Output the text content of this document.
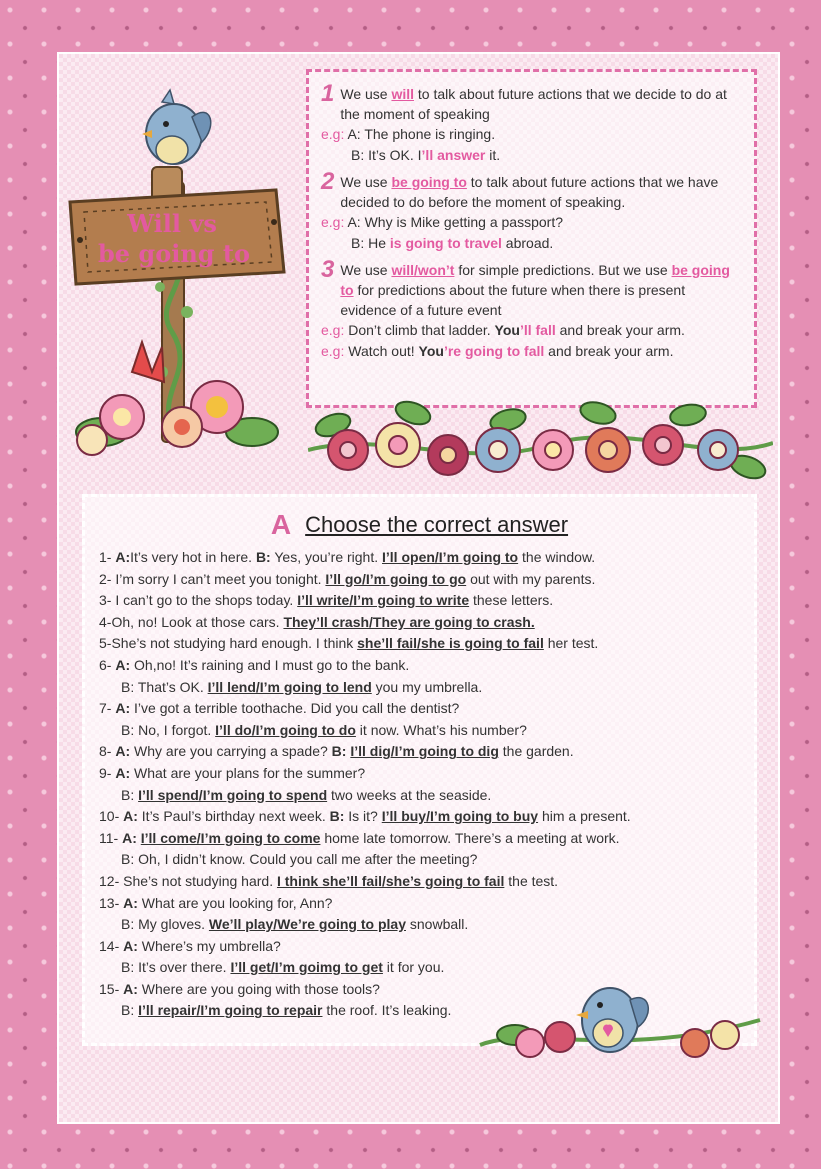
Will vs
be going to
1 We use will to talk about future actions that we decide to do at the moment of speaking
e.g: A: The phone is ringing.
B: It’s OK. I’ll answer it.
2 We use be going to to talk about future actions that we have decided to do before the moment of speaking.
e.g: A: Why is Mike getting a passport?
B: He is going to travel abroad.
3 We use will/won’t for simple predictions. But we use be going to for predictions about the future when there is present evidence of a future event
e.g: Don’t climb that ladder. You’ll fall and break your arm.
e.g: Watch out! You’re going to fall and break your arm.
A Choose the correct answer
1- A:It’s very hot in here. B: Yes, you’re right. I’ll open/I’m going to the window.
2- I’m sorry I can’t meet you tonight. I’ll go/I’m going to go out with my parents.
3- I can’t go to the shops today. I’ll write/I’m going to write these letters.
4-Oh, no! Look at those cars. They’ll crash/They are going to crash.
5-She’s not studying hard enough. I think she’ll fail/she is going to fail her test.
6- A: Oh,no! It’s raining and I must go to the bank.
B: That’s OK. I’ll lend/I’m going to lend you my umbrella.
7- A: I’ve got a terrible toothache. Did you call the dentist?
B: No, I forgot. I’ll do/I’m going to do it now. What’s his number?
8- A: Why are you carrying a spade? B: I’ll dig/I’m going to dig the garden.
9- A: What are your plans for the summer?
B: I’ll spend/I’m going to spend two weeks at the seaside.
10- A: It’s Paul’s birthday next week. B: Is it? I’ll buy/I’m going to buy him a present.
11- A: I’ll come/I’m going to come home late tomorrow. There’s a meeting at work.
B: Oh, I didn’t know. Could you call me after the meeting?
12- She’s not studying hard. I think she’ll fail/she’s going to fail the test.
13- A: What are you looking for, Ann?
B: My gloves. We’ll play/We’re going to play snowball.
14- A: Where’s my umbrella?
B: It’s over there. I’ll get/I’m goimg to get it for you.
15- A: Where are you going with those tools?
B: I’ll repair/I’m going to repair the roof. It’s leaking.
